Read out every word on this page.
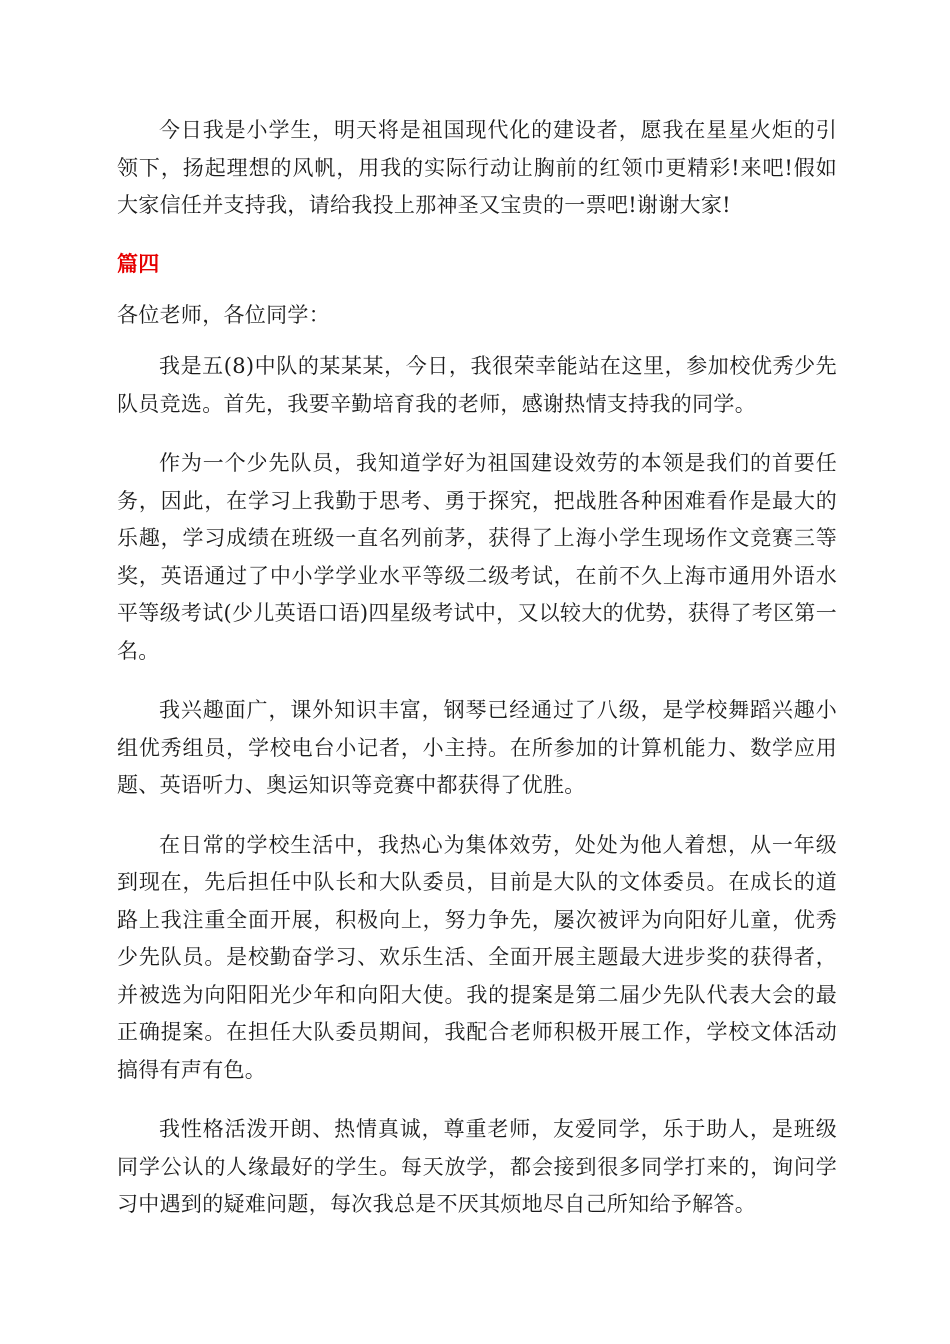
今日我是小学生，明天将是祖国现代化的建设者，愿我在星星火炬的引领下，扬起理想的风帆，用我的实际行动让胸前的红领巾更精彩!来吧!假如大家信任并支持我，请给我投上那神圣又宝贵的一票吧!谢谢大家!

篇四

各位老师，各位同学：

我是五(8)中队的某某某，今日，我很荣幸能站在这里，参加校优秀少先队员竞选。首先，我要辛勤培育我的老师，感谢热情支持我的同学。

作为一个少先队员，我知道学好为祖国建设效劳的本领是我们的首要任务，因此，在学习上我勤于思考、勇于探究，把战胜各种困难看作是最大的乐趣，学习成绩在班级一直名列前茅，获得了上海小学生现场作文竞赛三等奖，英语通过了中小学学业水平等级二级考试，在前不久上海市通用外语水平等级考试(少儿英语口语)四星级考试中，又以较大的优势，获得了考区第一名。

我兴趣面广，课外知识丰富，钢琴已经通过了八级，是学校舞蹈兴趣小组优秀组员，学校电台小记者，小主持。在所参加的计算机能力、数学应用题、英语听力、奥运知识等竞赛中都获得了优胜。

在日常的学校生活中，我热心为集体效劳，处处为他人着想，从一年级到现在，先后担任中队长和大队委员，目前是大队的文体委员。在成长的道路上我注重全面开展，积极向上，努力争先，屡次被评为向阳好儿童，优秀少先队员。是校勤奋学习、欢乐生活、全面开展主题最大进步奖的获得者，并被选为向阳阳光少年和向阳大使。我的提案是第二届少先队代表大会的最正确提案。在担任大队委员期间，我配合老师积极开展工作，学校文体活动搞得有声有色。

我性格活泼开朗、热情真诚，尊重老师，友爱同学，乐于助人，是班级同学公认的人缘最好的学生。每天放学，都会接到很多同学打来的，询问学习中遇到的疑难问题，每次我总是不厌其烦地尽自己所知给予解答。
